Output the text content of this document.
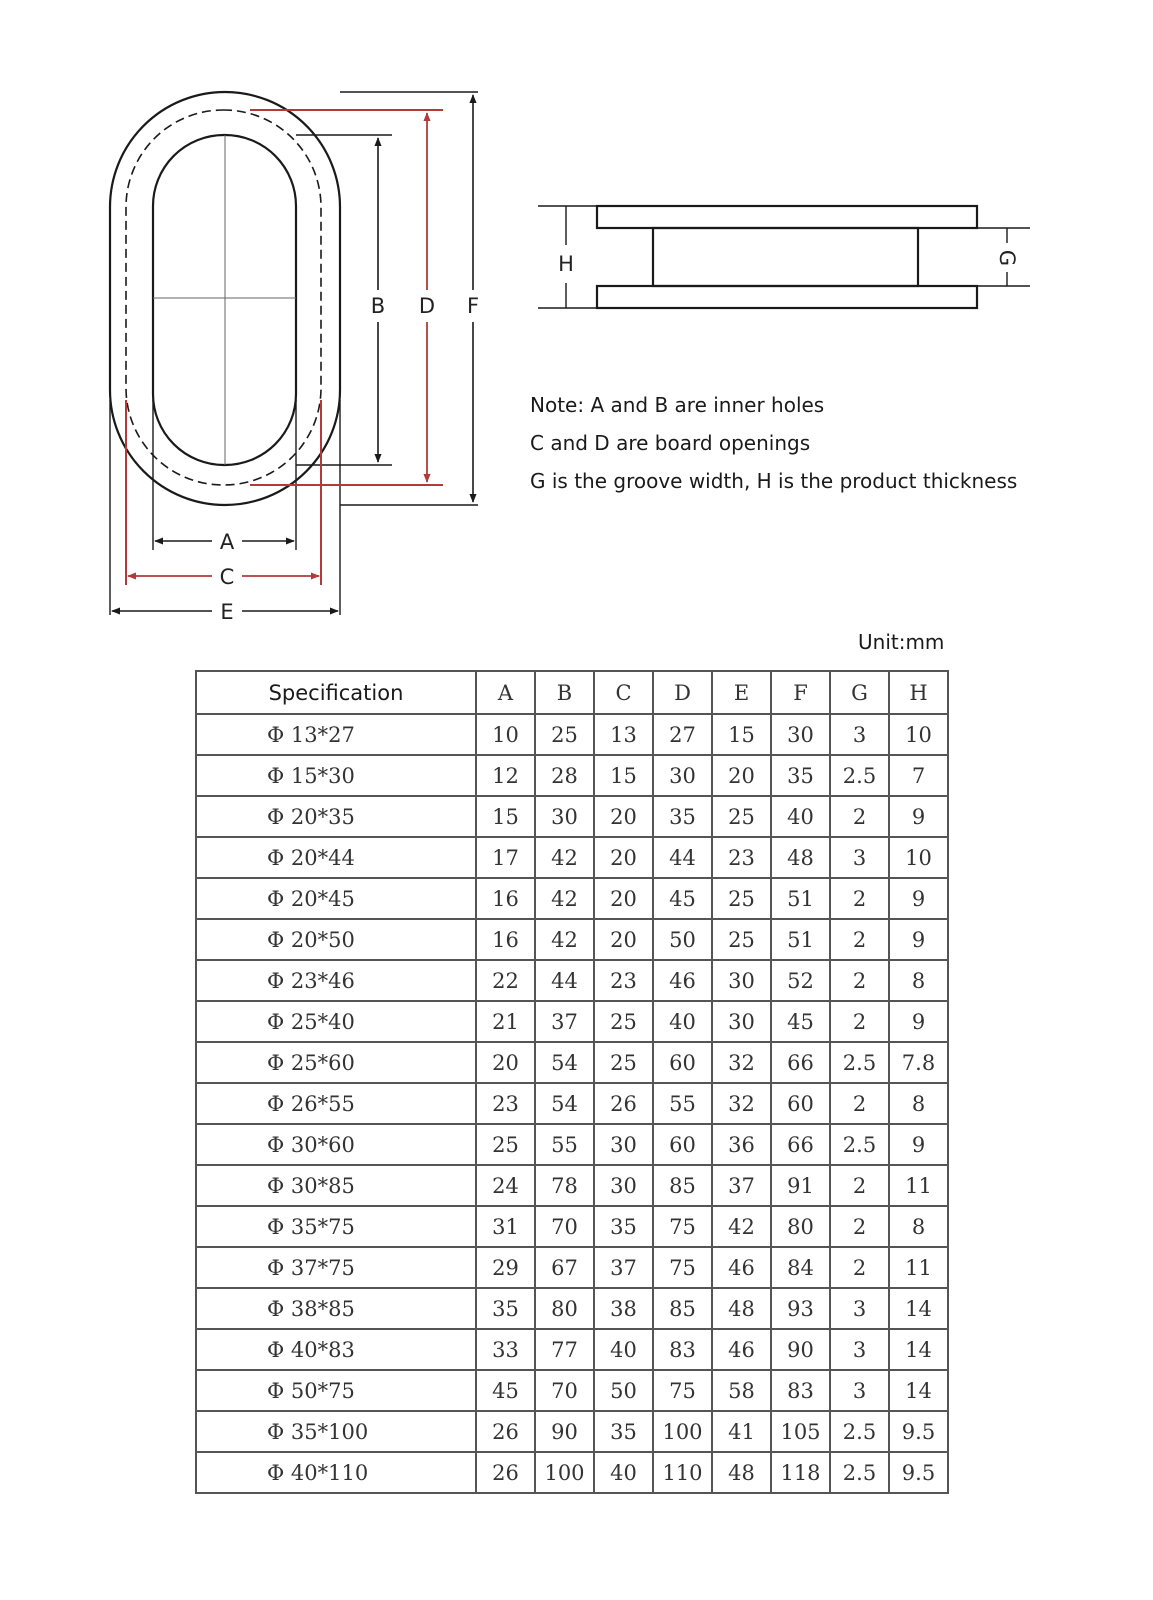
B D F
A
C
E
H	G
Note: A and B are inner holes
C and D are board openings
G is the groove width, H is the product thickness
Unit:mm
Specification	A	B	C	D	E	F	G	H
Φ 13*27	10	25	13	27	15	30	3	10
Φ 15*30	12	28	15	30	20	35	2.5	7
Φ 20*35	15	30	20	35	25	40	2	9
Φ 20*44	17	42	20	44	23	48	3	10
Φ 20*45	16	42	20	45	25	51	2	9
Φ 20*50	16	42	20	50	25	51	2	9
Φ 23*46	22	44	23	46	30	52	2	8
Φ 25*40	21	37	25	40	30	45	2	9
Φ 25*60	20	54	25	60	32	66	2.5	7.8
Φ 26*55	23	54	26	55	32	60	2	8
Φ 30*60	25	55	30	60	36	66	2.5	9
Φ 30*85	24	78	30	85	37	91	2	11
Φ 35*75	31	70	35	75	42	80	2	8
Φ 37*75	29	67	37	75	46	84	2	11
Φ 38*85	35	80	38	85	48	93	3	14
Φ 40*83	33	77	40	83	46	90	3	14
Φ 50*75	45	70	50	75	58	83	3	14
Φ 35*100	26	90	35	100	41	105	2.5	9.5
Φ 40*110	26	100	40	110	48	118	2.5	9.5
